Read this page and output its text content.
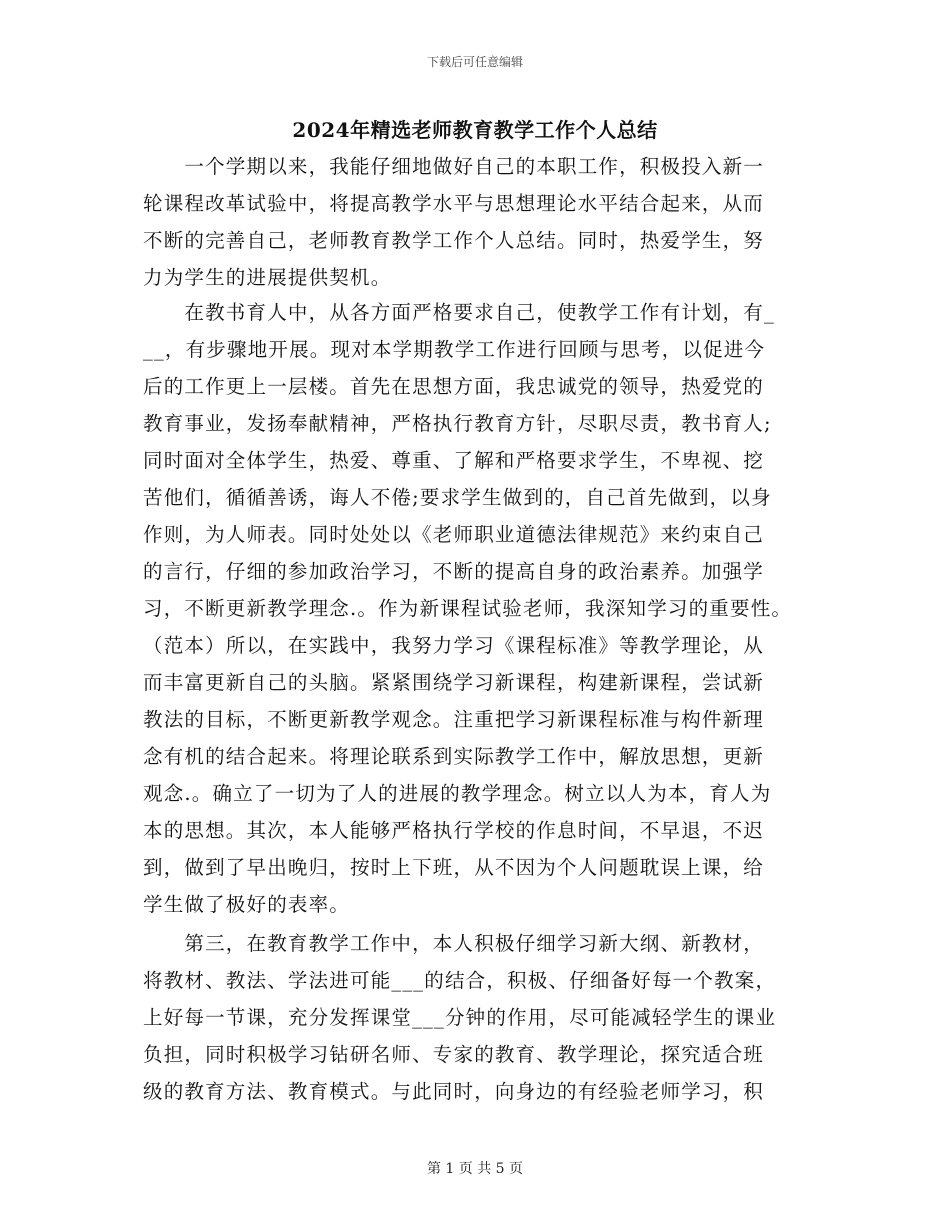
下载后可任意编辑
2024年精选老师教育教学工作个人总结
　　一个学期以来，我能仔细地做好自己的本职工作，积极投入新一
轮课程改革试验中，将提高教学水平与思想理论水平结合起来，从而
不断的完善自己，老师教育教学工作个人总结。同时，热爱学生，努
力为学生的进展提供契机。
　　在教书育人中，从各方面严格要求自己，使教学工作有计划，有_
__，有步骤地开展。现对本学期教学工作进行回顾与思考，以促进今
后的工作更上一层楼。首先在思想方面，我忠诚党的领导，热爱党的
教育事业，发扬奉献精神，严格执行教育方针，尽职尽责，教书育人;
同时面对全体学生，热爱、尊重、了解和严格要求学生，不卑视、挖
苦他们，循循善诱，诲人不倦;要求学生做到的，自己首先做到，以身
作则，为人师表。同时处处以《老师职业道德法律规范》来约束自己
的言行，仔细的参加政治学习，不断的提高自身的政治素养。加强学
习，不断更新教学理念.。作为新课程试验老师，我深知学习的重要性。
（范本）所以，在实践中，我努力学习《课程标准》等教学理论，从
而丰富更新自己的头脑。紧紧围绕学习新课程，构建新课程，尝试新
教法的目标，不断更新教学观念。注重把学习新课程标准与构件新理
念有机的结合起来。将理论联系到实际教学工作中，解放思想，更新
观念.。确立了一切为了人的进展的教学理念。树立以人为本，育人为
本的思想。其次，本人能够严格执行学校的作息时间，不早退，不迟
到，做到了早出晚归，按时上下班，从不因为个人问题耽误上课，给
学生做了极好的表率。
　　第三，在教育教学工作中，本人积极仔细学习新大纲、新教材，
将教材、教法、学法进可能___的结合，积极、仔细备好每一个教案，
上好每一节课，充分发挥课堂___分钟的作用，尽可能减轻学生的课业
负担，同时积极学习钻研名师、专家的教育、教学理论，探究适合班
级的教育方法、教育模式。与此同时，向身边的有经验老师学习，积
第 1 页 共 5 页
